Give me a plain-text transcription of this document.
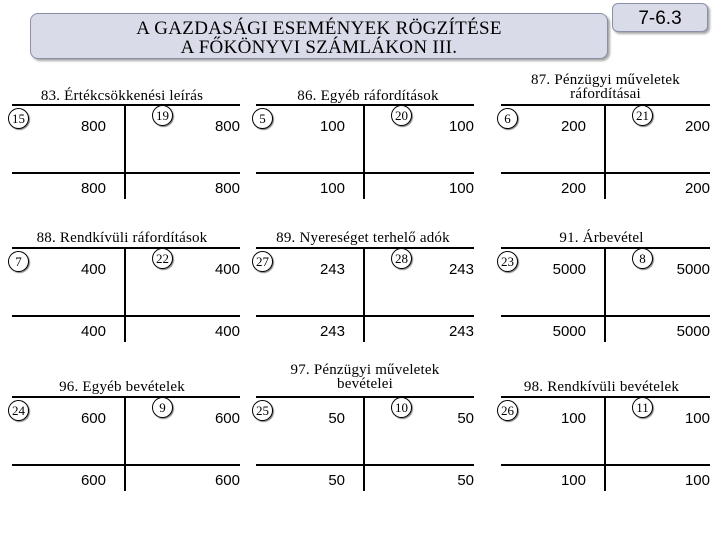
A GAZDASÁGI ESEMÉNYEK RÖGZÍTÉSE
A FŐKÖNYVI SZÁMLÁKON III.
7-6.3
83. Értékcsökkenési leírás
15	19
800	800
800	800
86. Egyéb ráfordítások
5	20
100	100
100	100
87. Pénzügyi műveletek
ráfordításai
6	21
200	200
200	200
88. Rendkívüli ráfordítások
7	22
400	400
400	400
89. Nyereséget terhelő adók
27	28
243	243
243	243
91. Árbevétel
23	8
5000	5000
5000	5000
96. Egyéb bevételek
24	9
600	600
600	600
97. Pénzügyi műveletek
bevételei
25	10
50	50
50	50
98. Rendkívüli bevételek
26	11
100	100
100	100
